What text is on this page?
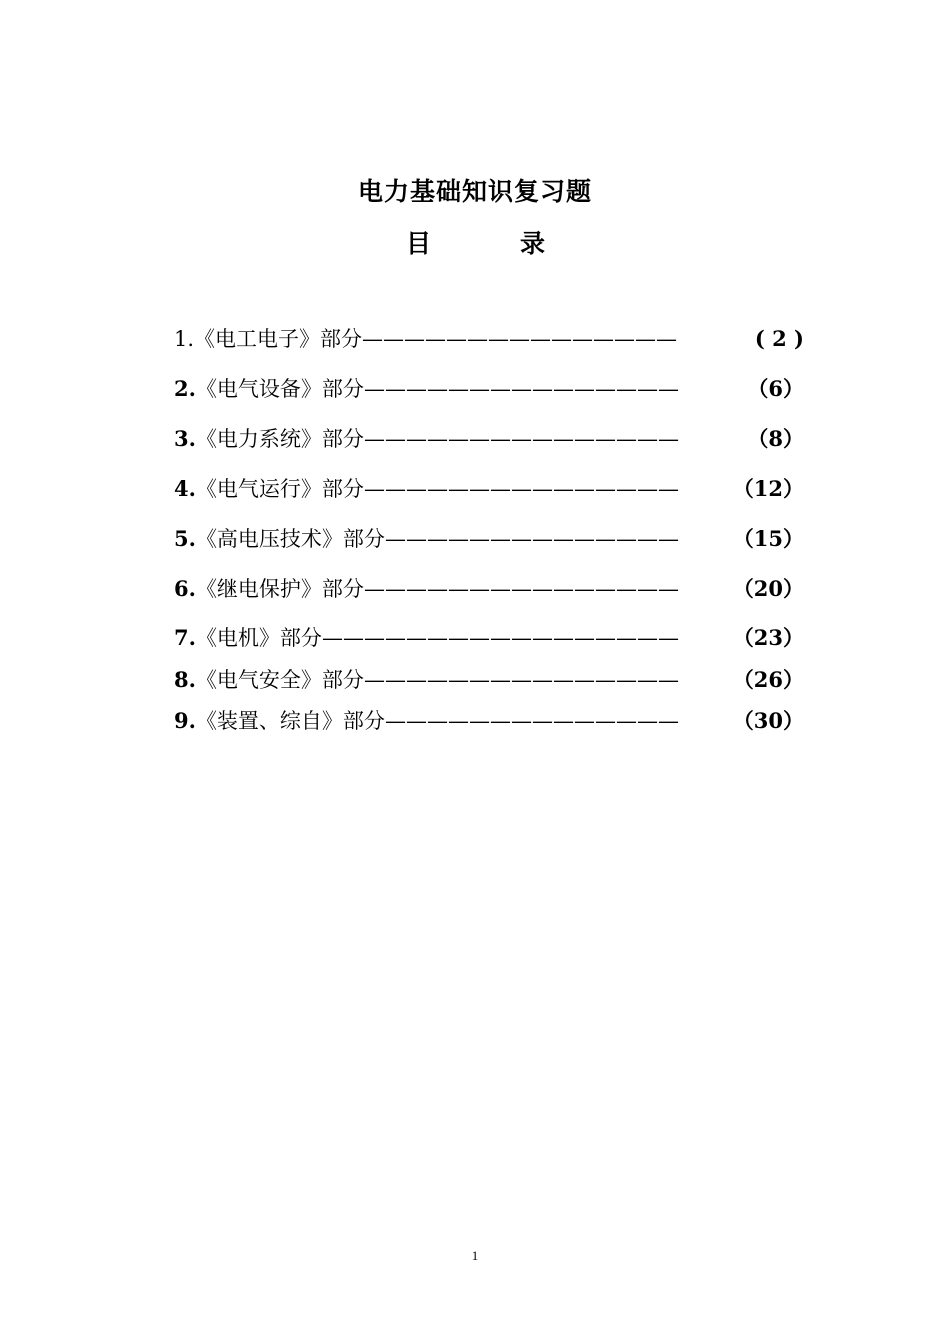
电力基础知识复习题
目	录
1.《电工电子》部分———————————————	( 2 )
2.《电气设备》部分———————————————	（6）
3.《电力系统》部分———————————————	（8）
4.《电气运行》部分———————————————	（12）
5.《高电压技术》部分——————————————	（15）
6.《继电保护》部分———————————————	（20）
7.《电机》部分—————————————————	（23）
8.《电气安全》部分———————————————	（26）
9.《装置、综自》部分——————————————	（30）
1
